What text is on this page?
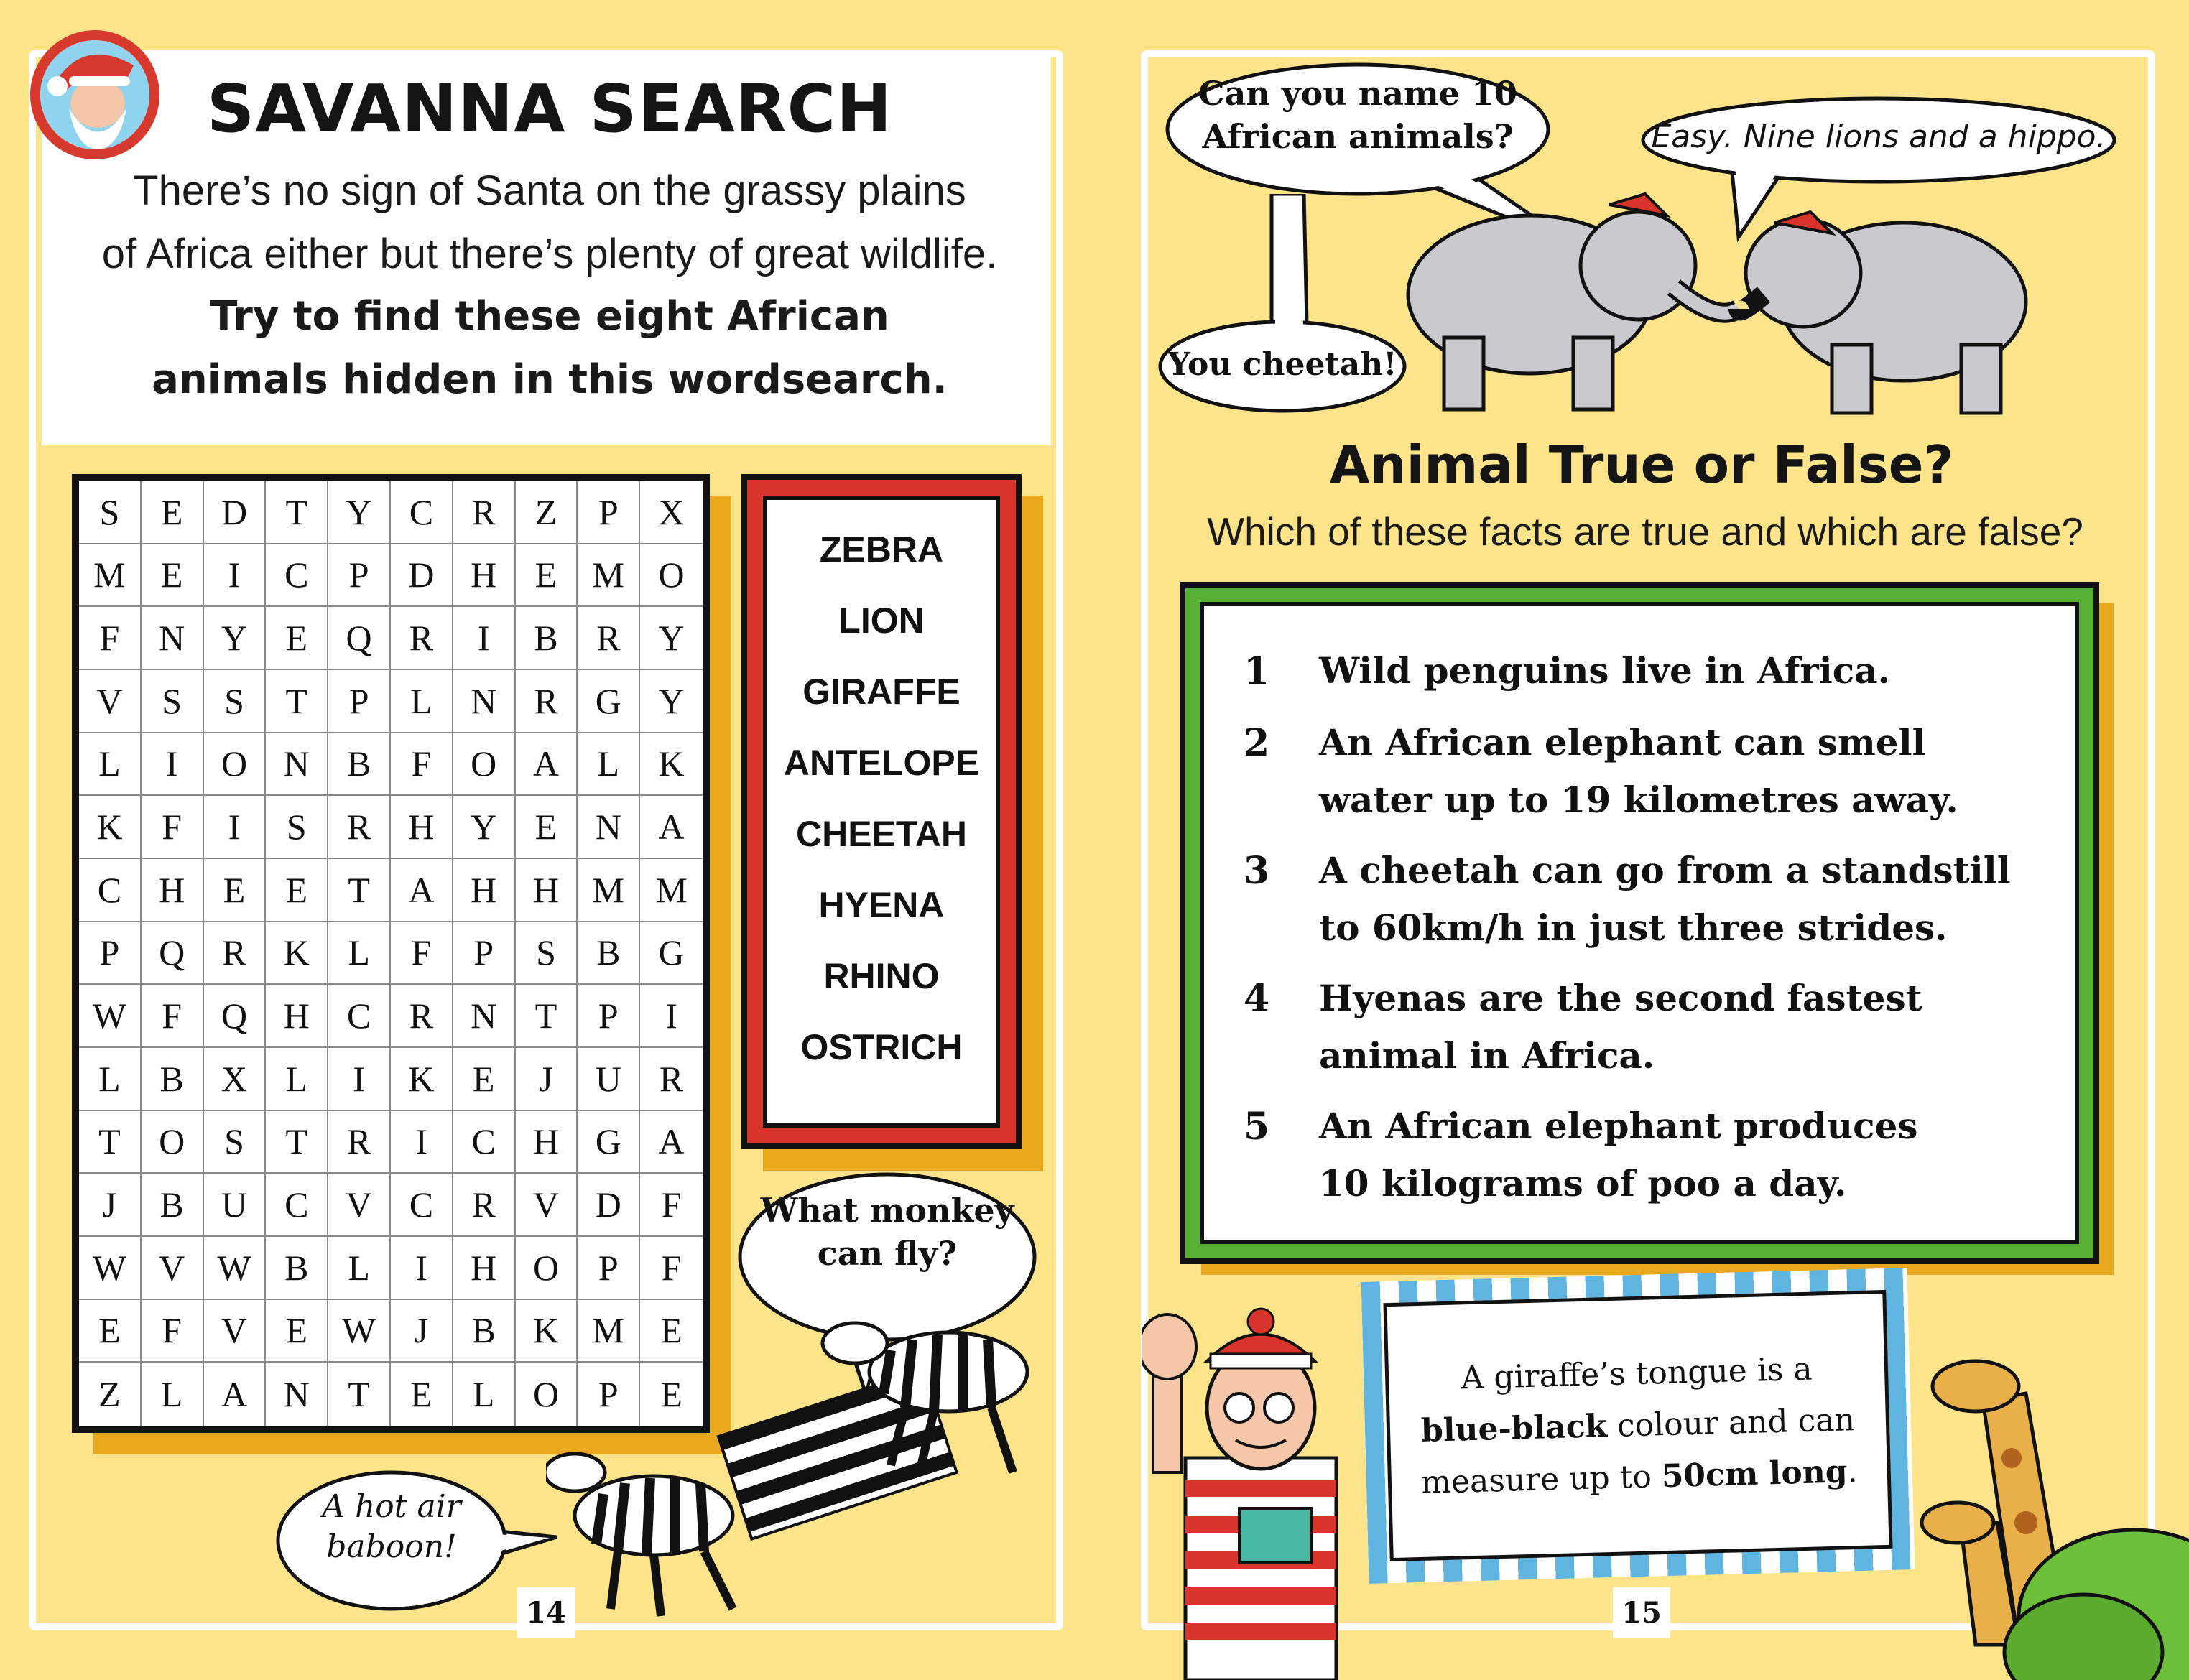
SAVANNA SEARCH
There’s no sign of Santa on the grassy plains
of Africa either but there’s plenty of great wildlife.
Try to find these eight African
animals hidden in this wordsearch.
S	E	D	T	Y	C	R	Z	P	X
M E	I	C	P	D	H	E M O
F	N	Y	E	Q	R	I	B	R	Y
V	S	S	T	P	L	N	R	G	Y
L	I	O	N	B	F	O	A	L	K
K	F	I	S	R	H	Y	E	N	A
C	H	E	E	T	A	H	H M M
P	Q	R	K	L	F	P	S	B	G
W F	Q	H	C	R	N	T	P	I
L	B	X	L	I	K	E	J	U	R
T	O	S	T	R	I	C	H	G	A
J	B	U	C	V	C	R	V	D	F
W V W B	L	I	H	O	P	F
E	F	V	E W	J	B	K M	E
Z	L	A	N	T	E	L	O	P	E
ZEBRA
LION
GIRAFFE
ANTELOPE
CHEETAH
HYENA
RHINO
OSTRICH
What monkey
can fly?
A hot air
baboon!
14
Can you name 10
African animals?	Easy. Nine lions and a hippo.
You cheetah!
Animal True or False?
Which of these facts are true and which are false?
1 Wild penguins live in Africa.
2 An African elephant can smell
water up to 19 kilometres away.
3 A cheetah can go from a standstill
to 60km/h in just three strides.
4 Hyenas are the second fastest
animal in Africa.
5 An African elephant produces
10 kilograms of poo a day.
A giraffe’s tongue is a
blue-black colour and can
measure up to 50cm long.
15
